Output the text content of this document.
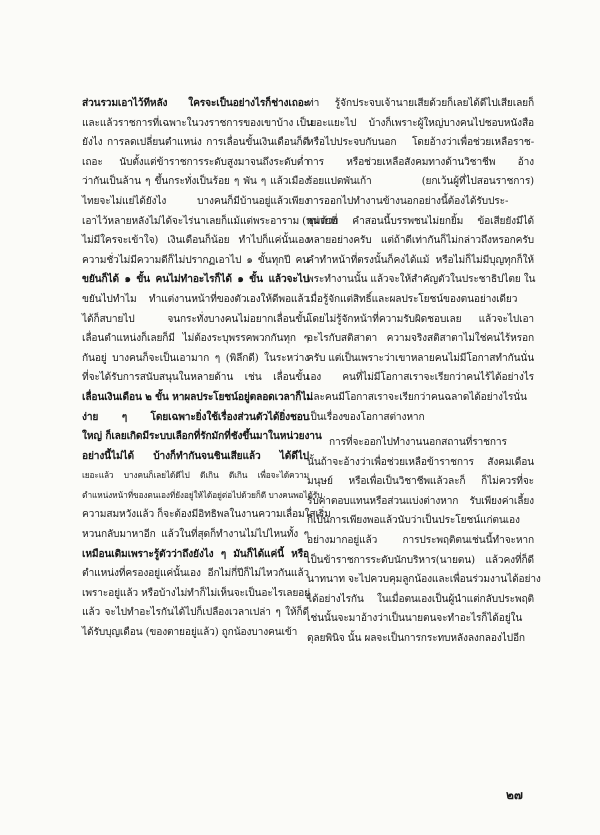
ส่วนรวมเอาไว้ทีหลัง ใครจะเป็นอย่างไรก็ช่างเถอะ
และแล้วราชการที่เฉพาะในวงราชการของเขาบ้าง เป็น
ยังไง การลดเปลี่ยนตำแหน่ง การเลื่อนขั้นเงินเดือนก็ดี
เถอะ นับตั้งแต่ข้าราชการระดับสูงมาจนถึงระดับต่ำ
ว่ากันเป็นล้าน ๆ ขึ้นกระทั่งเป็นร้อย ๆ พัน ๆ แล้วเมือง
ไทยจะไม่แย่ได้ยังไง บางคนก็มีบ้านอยู่แล้วเพียง
เอาไว้หลายหลังไม่ได้จะไร่นาเลยก็แม้แต่พระอาราม (หน่วยที่
ไม่มีใครจะเข้าใจ) เงินเดือนก็น้อย ทำไปก็แค่นั้นเอง
ความชั่วไม่มีความดีก็ไม่ปรากฏเอาไป ๑ ขั้นทุกปี คน
ขยันก็ได้ ๑ ขั้น คนไม่ทำอะไรก็ได้ ๑ ขั้น แล้วจะไป
ขยันไปทำไม ทำแต่งานหน้าที่ของตัวเองให้ดีพอแล้ว
ได้ก็สบายไป จนกระทั่งบางคนไม่อยากเลื่อนขั้น
เลื่อนตำแหน่งก็เลยก็มี ไม่ต้องระบุพรรคพวกกันทุก ๆ
กันอยู่ บางคนก็จะเป็นเอามาก ๆ (พิลึกดี) ในระหว่าง
ที่จะได้รับการสนับสนุนในหลายด้าน เช่น เลื่อนขั้น
เลื่อนเงินเดือน ๒ ขั้น หาผลประโยชน์อยู่ตลอดเวลาก็ไม่
ง่าย ๆ โดยเฉพาะยิ่งใช้เรื่องส่วนตัวได้ยิ่งชอบ
ใหญ่ ก็เลยเกิดมีระบบเลือกที่รักมักที่ชังขึ้นมาในหน่วยงาน
อย่างนี้ไม่ได้ บ้างก็ทำกันจนชินเสียแล้ว ได้ดีไป
เยอะแล้ว บางคนก็เลยได้ดีไป ดีเกิน ดีเกิน เพื่อจะได้ความ
ตำแหน่งหน้าที่ของตนเองที่ยังอยู่ให้ได้อยู่ต่อไปด้วยก็ดี บางคนพอได้รับ
ความสมหวังแล้ว ก็จะต้องมีอิทธิพลในงานความเลื่อมใสเริ่ม
หวนกลับมาหาอีก แล้วในที่สุดก็ทำงานไม่ไปไหนทั้ง ๆ
เหมือนเดิมเพราะรู้ตัวว่าถึงยังไง ๆ มันก็ได้แค่นี้ หรือ
ตำแหน่งที่ครองอยู่แค่นั้นเอง อีกไม่กี่ปีก็ไม่ไหวกันแล้ว
เพราะอยู่แล้ว หรือบ้างไม่ทำก็ไม่เห็นจะเป็นอะไรเลยอยู่
แล้ว จะไปทำอะไรกันได้ไปก็เปลืองเวลาเปล่า ๆ ให้ก็ดี
ได้รับบุญเดือน (ของตายอยู่แล้ว) ถูกน้องบางคนเข้า
ท่า รู้จักประจบเจ้านายเสียด้วยก็เลยได้ดีไปเสียเลยก็
เยอะแยะไป บ้างก็เพราะผู้ใหญ่บางคนไปชอบหนังสือ
หรือไปประจบกับนอก โดยอ้างว่าเพื่อช่วยเหลือราช-
การ หรือช่วยเหลือสังคมทางด้านวิชาชีพ อ้าง
ร้อยแปดพันเก้า (ยกเว้นผู้ที่ไปสอนราชการ)
การออกไปทำงานข้างนอกอย่างนี้ต้องได้รับประ-
ชุมด้วย คำสอนนี้บรรพชนไม่ยกยิ้ม ข้อเสียยังมีได้
หลายอย่างครับ แต่ถ้าดีเท่ากันก็ไม่กล่าวถึงหรอกครับ
คำทำหน้าที่ตรงนั้นก็คงได้แม้ หรือไม่ก็ไม่มีบุญทุกก็ให้
พระทำงานนั้น แล้วจะให้สำคัญตัวในประชาธิปไตย ใน
เมื่อรู้จักแต่สิทธิ์และผลประโยชน์ของตนอย่างเดียว
โดยไม่รู้จักหน้าที่ความรับผิดชอบเลย แล้วจะไปเอา
อะไรกับสติสาตา ความจริงสติสาตาไม่ใช่คนไร้หรอก
ครับ แต่เป็นเพราะว่าเขาหลายคนไม่มีโอกาสทำกันนั่น
เอง คนที่ไม่มีโอกาสเราจะเรียกว่าคนไร้ได้อย่างไร
และคนมีโอกาสเราจะเรียกว่าคนฉลาดได้อย่างไรนั่น
เป็นเรื่องของโอกาสต่างหาก
การที่จะออกไปทำงานนอกสถานที่ราชการ
นั้นถ้าจะอ้างว่าเพื่อช่วยเหลือข้าราชการ สังคมเดือน
มนุษย์ หรือเพื่อเป็นวิชาชีพแล้วละก็ ก็ไม่ควรที่จะ
รับค่าตอบแทนหรือส่วนแบ่งต่างหาก รับเพียงค่าเลี้ยง
ก็เป็นการเพียงพอแล้วนับว่าเป็นประโยชน์แก่ตนเอง
อย่างมากอยู่แล้ว การประพฤติตนเช่นนี้ทำจะหาก
เป็นข้าราชการระดับนักบริหาร(นายตน) แล้วคงที่ก็ดี
นาทนาท จะไปควบคุมลูกน้องและเพื่อนร่วมงานได้อย่าง
ได้อย่างไรกัน ในเมื่อตนเองเป็นผู้นำแต่กลับประพฤติ
เช่นนั้นจะมาอ้างว่าเป็นนายตนจะทำอะไรก็ได้อยู่ใน
ดุลยพินิจ นั้น ผลจะเป็นการกระทบหลังลงกลองไปอีก
๒๗
